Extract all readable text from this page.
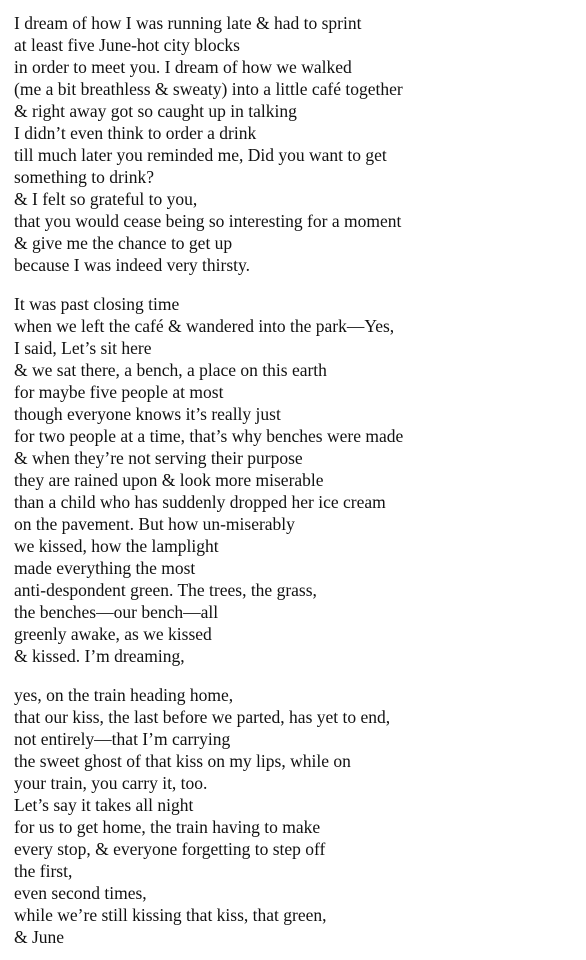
I dream of how I was running late & had to sprint
at least five June-hot city blocks
in order to meet you. I dream of how we walked
(me a bit breathless & sweaty) into a little café together
& right away got so caught up in talking
I didn’t even think to order a drink
till much later you reminded me, Did you want to get
something to drink?
& I felt so grateful to you,
that you would cease being so interesting for a moment
& give me the chance to get up
because I was indeed very thirsty.
It was past closing time
when we left the café & wandered into the park—Yes,
I said, Let’s sit here
& we sat there, a bench, a place on this earth
for maybe five people at most
though everyone knows it’s really just
for two people at a time, that’s why benches were made
& when they’re not serving their purpose
they are rained upon & look more miserable
than a child who has suddenly dropped her ice cream
on the pavement. But how un-miserably
we kissed, how the lamplight
made everything the most
anti-despondent green. The trees, the grass,
the benches—our bench—all
greenly awake, as we kissed
& kissed. I’m dreaming,
yes, on the train heading home,
that our kiss, the last before we parted, has yet to end,
not entirely—that I’m carrying
the sweet ghost of that kiss on my lips, while on
your train, you carry it, too.
Let’s say it takes all night
for us to get home, the train having to make
every stop, & everyone forgetting to step off
the first,
even second times,
while we’re still kissing that kiss, that green,
& June
